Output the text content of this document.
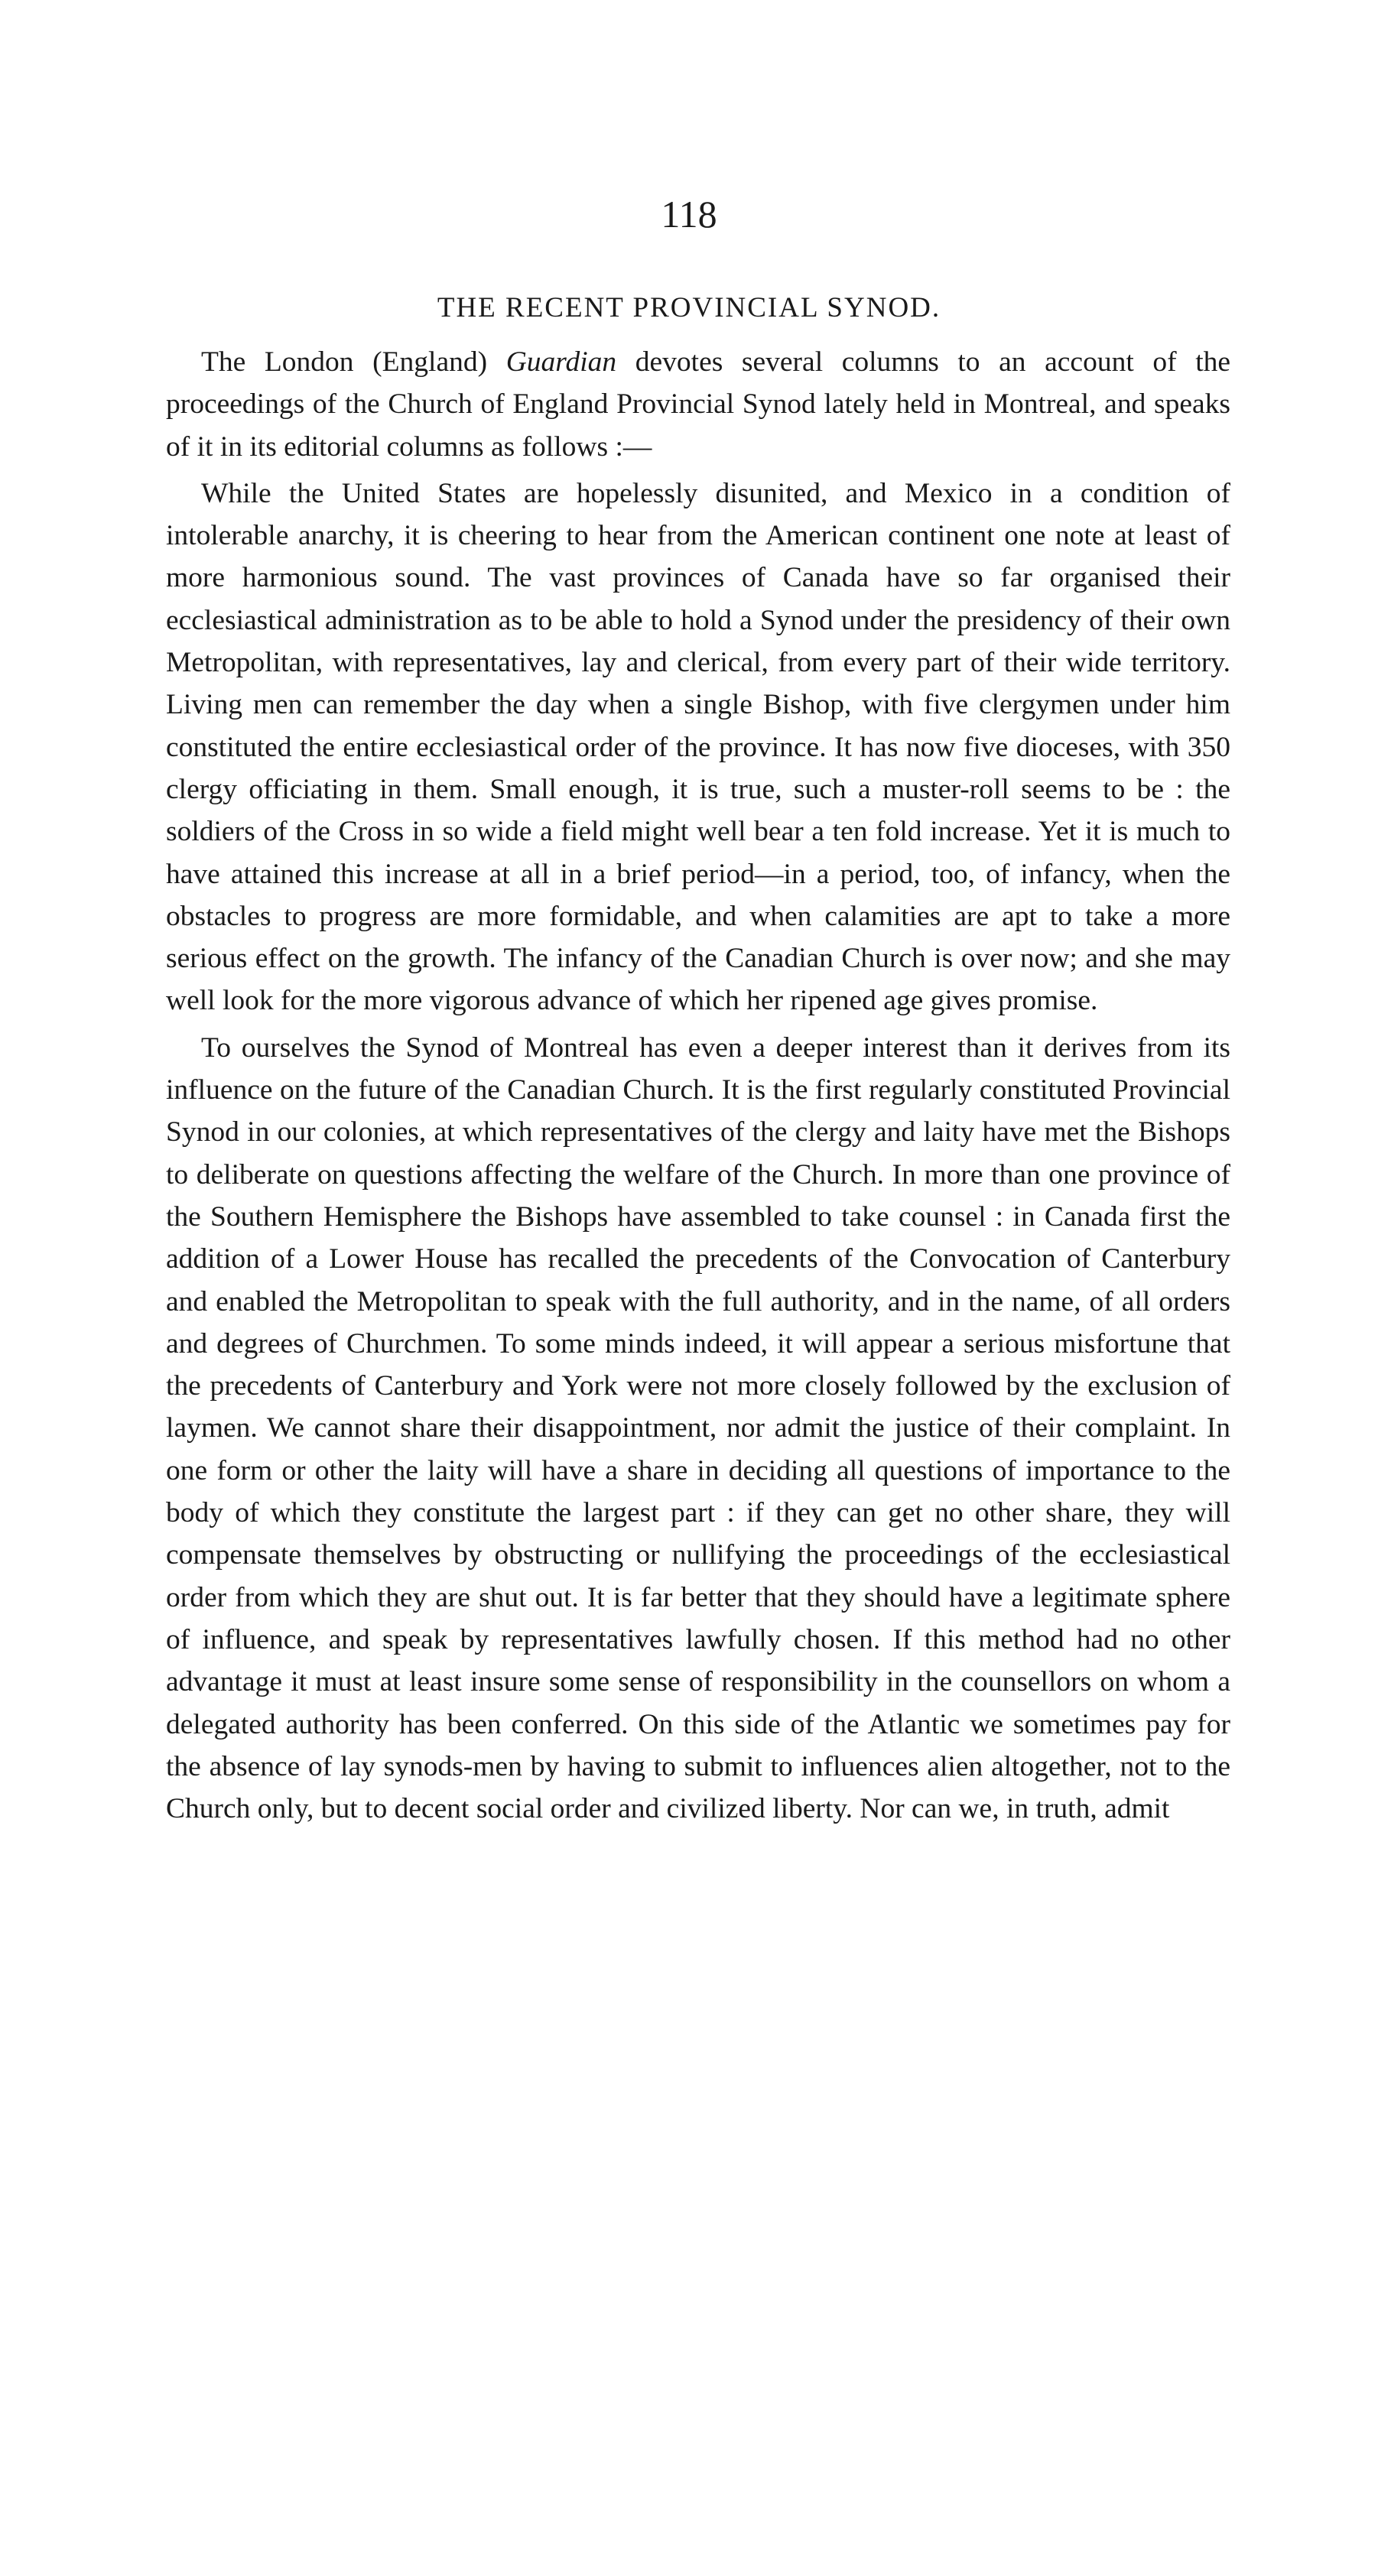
118
THE RECENT PROVINCIAL SYNOD.

The London (England) Guardian devotes several columns to an account of the proceedings of the Church of England Provincial Synod lately held in Montreal, and speaks of it in its editorial columns as follows :—

While the United States are hopelessly disunited, and Mexico in a condition of intolerable anarchy, it is cheering to hear from the American continent one note at least of more harmonious sound. The vast provinces of Canada have so far organised their ecclesiastical administration as to be able to hold a Synod under the presidency of their own Metropolitan, with representatives, lay and clerical, from every part of their wide territory. Living men can remember the day when a single Bishop, with five clergymen under him constituted the entire ecclesiastical order of the province. It has now five dioceses, with 350 clergy officiating in them. Small enough, it is true, such a muster-roll seems to be : the soldiers of the Cross in so wide a field might well bear a ten fold increase. Yet it is much to have attained this increase at all in a brief period—in a period, too, of infancy, when the obstacles to progress are more formidable, and when calamities are apt to take a more serious effect on the growth. The infancy of the Canadian Church is over now; and she may well look for the more vigorous advance of which her ripened age gives promise.

To ourselves the Synod of Montreal has even a deeper interest than it derives from its influence on the future of the Canadian Church. It is the first regularly constituted Provincial Synod in our colonies, at which representatives of the clergy and laity have met the Bishops to deliberate on questions affecting the welfare of the Church. In more than one province of the Southern Hemisphere the Bishops have assembled to take counsel : in Canada first the addition of a Lower House has recalled the precedents of the Convocation of Canterbury and enabled the Metropolitan to speak with the full authority, and in the name, of all orders and degrees of Churchmen. To some minds indeed, it will appear a serious misfortune that the precedents of Canterbury and York were not more closely followed by the exclusion of laymen. We cannot share their disappointment, nor admit the justice of their complaint. In one form or other the laity will have a share in deciding all questions of importance to the body of which they constitute the largest part : if they can get no other share, they will compensate themselves by obstructing or nullifying the proceedings of the ecclesiastical order from which they are shut out. It is far better that they should have a legitimate sphere of influence, and speak by representatives lawfully chosen. If this method had no other advantage it must at least insure some sense of responsibility in the counsellors on whom a delegated authority has been conferred. On this side of the Atlantic we sometimes pay for the absence of lay synods-men by having to submit to influences alien altogether, not to the Church only, but to decent social order and civilized liberty. Nor can we, in truth, admit
